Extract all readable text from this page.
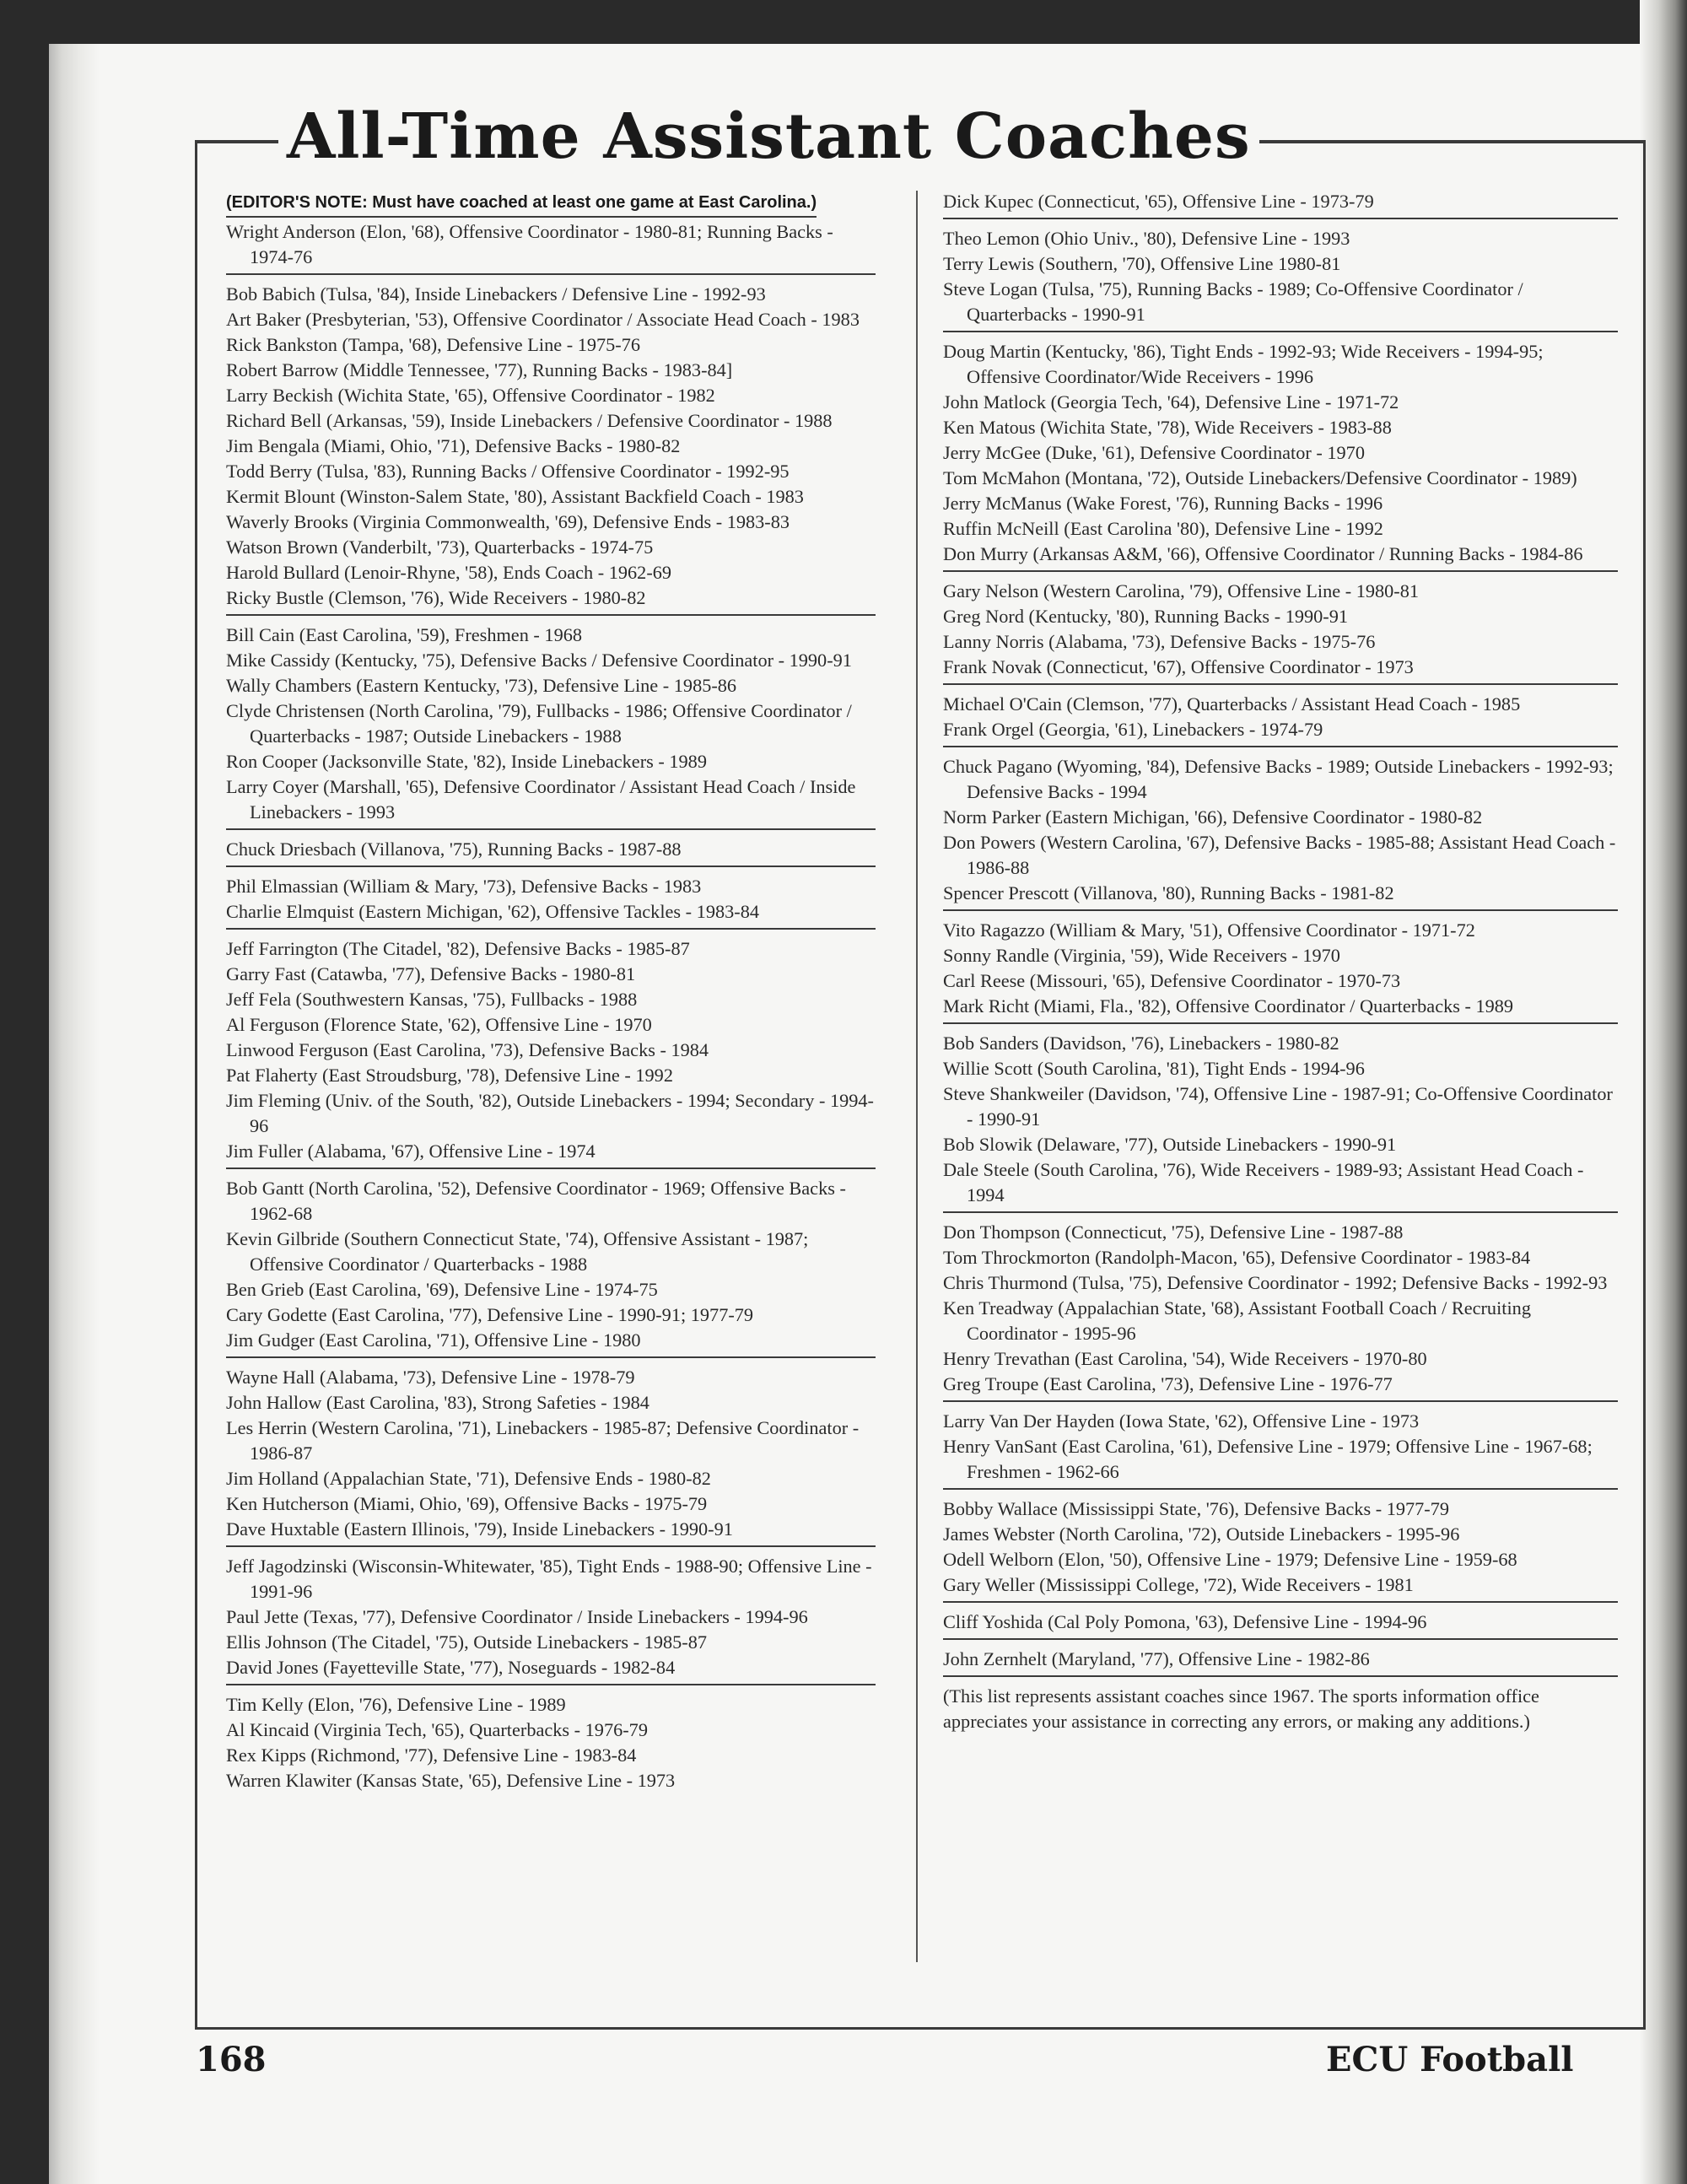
All-Time Assistant Coaches
(EDITOR'S NOTE: Must have coached at least one game at East Carolina.)
Wright Anderson (Elon, '68), Offensive Coordinator - 1980-81; Running Backs - 1974-76
Bob Babich (Tulsa, '84), Inside Linebackers / Defensive Line - 1992-93
Art Baker (Presbyterian, '53), Offensive Coordinator / Associate Head Coach - 1983
Rick Bankston (Tampa, '68), Defensive Line - 1975-76
Robert Barrow (Middle Tennessee, '77), Running Backs - 1983-84]
Larry Beckish (Wichita State, '65), Offensive Coordinator - 1982
Richard Bell (Arkansas, '59), Inside Linebackers / Defensive Coordinator - 1988
Jim Bengala (Miami, Ohio, '71), Defensive Backs - 1980-82
Todd Berry (Tulsa, '83), Running Backs / Offensive Coordinator - 1992-95
Kermit Blount (Winston-Salem State, '80), Assistant Backfield Coach - 1983
Waverly Brooks (Virginia Commonwealth, '69), Defensive Ends - 1983-83
Watson Brown (Vanderbilt, '73), Quarterbacks - 1974-75
Harold Bullard (Lenoir-Rhyne, '58), Ends Coach - 1962-69
Ricky Bustle (Clemson, '76), Wide Receivers - 1980-82
Bill Cain (East Carolina, '59), Freshmen - 1968
Mike Cassidy (Kentucky, '75), Defensive Backs / Defensive Coordinator - 1990-91
Wally Chambers (Eastern Kentucky, '73), Defensive Line - 1985-86
Clyde Christensen (North Carolina, '79), Fullbacks - 1986; Offensive Coordinator / Quarterbacks - 1987; Outside Linebackers - 1988
Ron Cooper (Jacksonville State, '82), Inside Linebackers - 1989
Larry Coyer (Marshall, '65), Defensive Coordinator / Assistant Head Coach / Inside Linebackers - 1993
Chuck Driesbach (Villanova, '75), Running Backs - 1987-88
Phil Elmassian (William & Mary, '73), Defensive Backs - 1983
Charlie Elmquist (Eastern Michigan, '62), Offensive Tackles - 1983-84
Jeff Farrington (The Citadel, '82), Defensive Backs - 1985-87
Garry Fast (Catawba, '77), Defensive Backs - 1980-81
Jeff Fela (Southwestern Kansas, '75), Fullbacks - 1988
Al Ferguson (Florence State, '62), Offensive Line - 1970
Linwood Ferguson (East Carolina, '73), Defensive Backs - 1984
Pat Flaherty (East Stroudsburg, '78), Defensive Line - 1992
Jim Fleming (Univ. of the South, '82), Outside Linebackers - 1994; Secondary - 1994-96
Jim Fuller (Alabama, '67), Offensive Line - 1974
Bob Gantt (North Carolina, '52), Defensive Coordinator - 1969; Offensive Backs - 1962-68
Kevin Gilbride (Southern Connecticut State, '74), Offensive Assistant - 1987; Offensive Coordinator / Quarterbacks - 1988
Ben Grieb (East Carolina, '69), Defensive Line - 1974-75
Cary Godette (East Carolina, '77), Defensive Line - 1990-91; 1977-79
Jim Gudger (East Carolina, '71), Offensive Line - 1980
Wayne Hall (Alabama, '73), Defensive Line - 1978-79
John Hallow (East Carolina, '83), Strong Safeties - 1984
Les Herrin (Western Carolina, '71), Linebackers - 1985-87; Defensive Coordinator - 1986-87
Jim Holland (Appalachian State, '71), Defensive Ends - 1980-82
Ken Hutcherson (Miami, Ohio, '69), Offensive Backs - 1975-79
Dave Huxtable (Eastern Illinois, '79), Inside Linebackers - 1990-91
Jeff Jagodzinski (Wisconsin-Whitewater, '85), Tight Ends - 1988-90; Offensive Line - 1991-96
Paul Jette (Texas, '77), Defensive Coordinator / Inside Linebackers - 1994-96
Ellis Johnson (The Citadel, '75), Outside Linebackers - 1985-87
David Jones (Fayetteville State, '77), Noseguards - 1982-84
Tim Kelly (Elon, '76), Defensive Line - 1989
Al Kincaid (Virginia Tech, '65), Quarterbacks - 1976-79
Rex Kipps (Richmond, '77), Defensive Line - 1983-84
Warren Klawiter (Kansas State, '65), Defensive Line - 1973
Dick Kupec (Connecticut, '65), Offensive Line - 1973-79
Theo Lemon (Ohio Univ., '80), Defensive Line - 1993
Terry Lewis (Southern, '70), Offensive Line 1980-81
Steve Logan (Tulsa, '75), Running Backs - 1989; Co-Offensive Coordinator / Quarterbacks - 1990-91
Doug Martin (Kentucky, '86), Tight Ends - 1992-93; Wide Receivers - 1994-95; Offensive Coordinator/Wide Receivers - 1996
John Matlock (Georgia Tech, '64), Defensive Line - 1971-72
Ken Matous (Wichita State, '78), Wide Receivers - 1983-88
Jerry McGee (Duke, '61), Defensive Coordinator - 1970
Tom McMahon (Montana, '72), Outside Linebackers/Defensive Coordinator - 1989)
Jerry McManus (Wake Forest, '76), Running Backs - 1996
Ruffin McNeill (East Carolina '80), Defensive Line - 1992
Don Murry (Arkansas A&M, '66), Offensive Coordinator / Running Backs - 1984-86
Gary Nelson (Western Carolina, '79), Offensive Line - 1980-81
Greg Nord (Kentucky, '80), Running Backs - 1990-91
Lanny Norris (Alabama, '73), Defensive Backs - 1975-76
Frank Novak (Connecticut, '67), Offensive Coordinator - 1973
Michael O'Cain (Clemson, '77), Quarterbacks / Assistant Head Coach - 1985
Frank Orgel (Georgia, '61), Linebackers - 1974-79
Chuck Pagano (Wyoming, '84), Defensive Backs - 1989; Outside Linebackers - 1992-93; Defensive Backs - 1994
Norm Parker (Eastern Michigan, '66), Defensive Coordinator - 1980-82
Don Powers (Western Carolina, '67), Defensive Backs - 1985-88; Assistant Head Coach - 1986-88
Spencer Prescott (Villanova, '80), Running Backs - 1981-82
Vito Ragazzo (William & Mary, '51), Offensive Coordinator - 1971-72
Sonny Randle (Virginia, '59), Wide Receivers - 1970
Carl Reese (Missouri, '65), Defensive Coordinator - 1970-73
Mark Richt (Miami, Fla., '82), Offensive Coordinator / Quarterbacks - 1989
Bob Sanders (Davidson, '76), Linebackers - 1980-82
Willie Scott (South Carolina, '81), Tight Ends - 1994-96
Steve Shankweiler (Davidson, '74), Offensive Line - 1987-91; Co-Offensive Coordinator - 1990-91
Bob Slowik (Delaware, '77), Outside Linebackers - 1990-91
Dale Steele (South Carolina, '76), Wide Receivers - 1989-93; Assistant Head Coach - 1994
Don Thompson (Connecticut, '75), Defensive Line - 1987-88
Tom Throckmorton (Randolph-Macon, '65), Defensive Coordinator - 1983-84
Chris Thurmond (Tulsa, '75), Defensive Coordinator - 1992; Defensive Backs - 1992-93
Ken Treadway (Appalachian State, '68), Assistant Football Coach / Recruiting Coordinator - 1995-96
Henry Trevathan (East Carolina, '54), Wide Receivers - 1970-80
Greg Troupe (East Carolina, '73), Defensive Line - 1976-77
Larry Van Der Hayden (Iowa State, '62), Offensive Line - 1973
Henry VanSant (East Carolina, '61), Defensive Line - 1979; Offensive Line - 1967-68; Freshmen - 1962-66
Bobby Wallace (Mississippi State, '76), Defensive Backs - 1977-79
James Webster (North Carolina, '72), Outside Linebackers - 1995-96
Odell Welborn (Elon, '50), Offensive Line - 1979; Defensive Line - 1959-68
Gary Weller (Mississippi College, '72), Wide Receivers - 1981
Cliff Yoshida (Cal Poly Pomona, '63), Defensive Line - 1994-96
John Zernhelt (Maryland, '77), Offensive Line - 1982-86
(This list represents assistant coaches since 1967. The sports information office appreciates your assistance in correcting any errors, or making any additions.)
168	ECU Football
